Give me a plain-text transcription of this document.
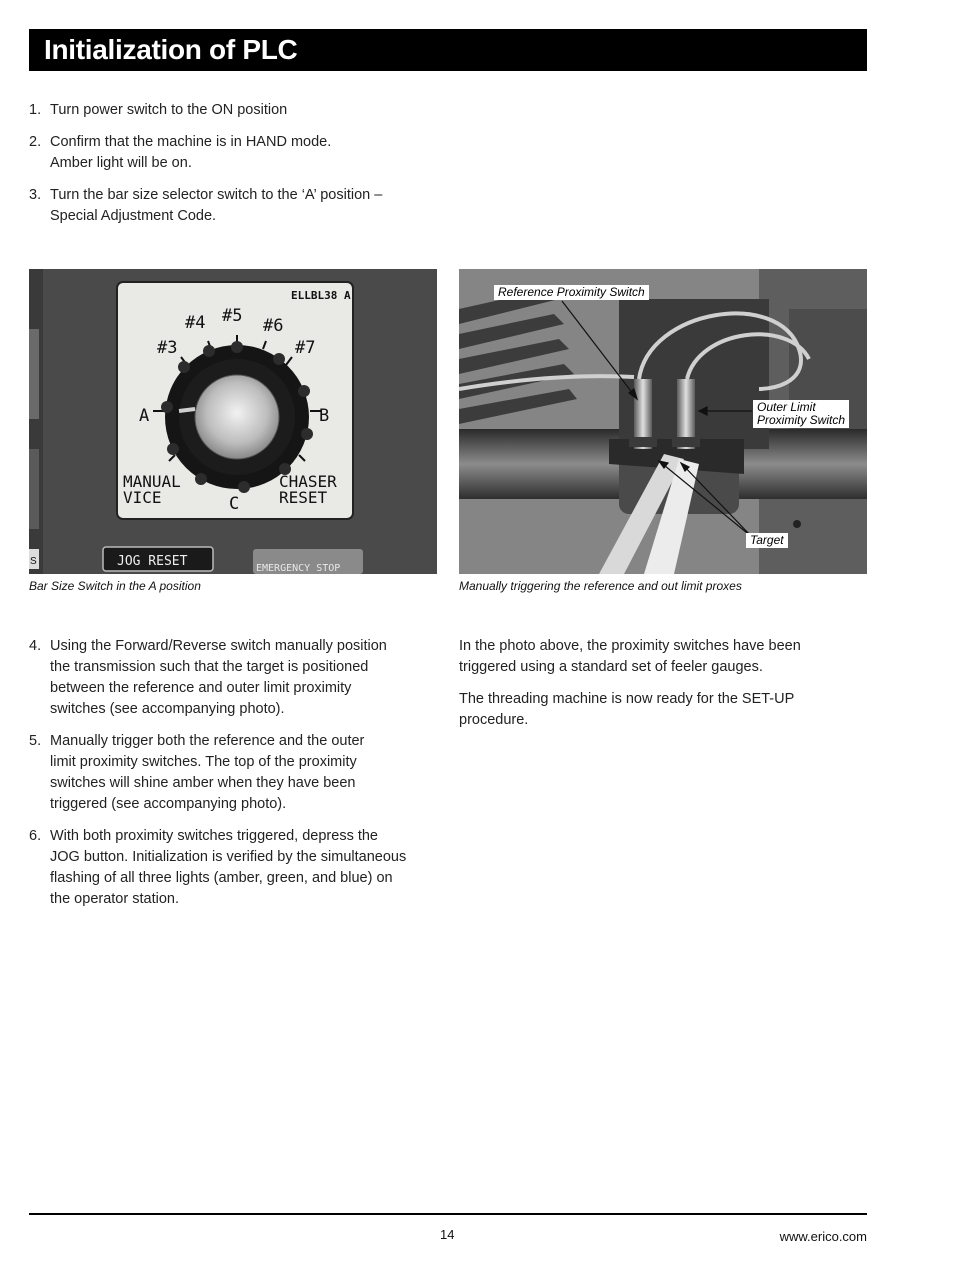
Initialization of PLC
1. Turn power switch to the ON position
2. Confirm that the machine is in HAND mode.
Amber light will be on.
3. Turn the bar size selector switch to the ‘A’ position –
Special Adjustment Code.
ELLBL38 A
#3
#4 #5 #6
#7
A	B
C
MANUAL
VICE
CHASER
RESET
S	JOG RESET	EMERGENCY STOP
Bar Size Switch in the A position
Reference Proximity Switch
Outer Limit
Proximity Switch
Target
Manually triggering the reference and out limit proxes
4. Using the Forward/Reverse switch manually position
the transmission such that the target is positioned
between the reference and outer limit proximity
switches (see accompanying photo).
5. Manually trigger both the reference and the outer
limit proximity switches. The top of the proximity
switches will shine amber when they have been
triggered (see accompanying photo).
6. With both proximity switches triggered, depress the
JOG button. Initialization is verified by the simultaneous
flashing of all three lights (amber, green, and blue) on
the operator station.

In the photo above, the proximity switches have been
triggered using a standard set of feeler gauges.

The threading machine is now ready for the SET-UP
procedure.

14	www.erico.com
